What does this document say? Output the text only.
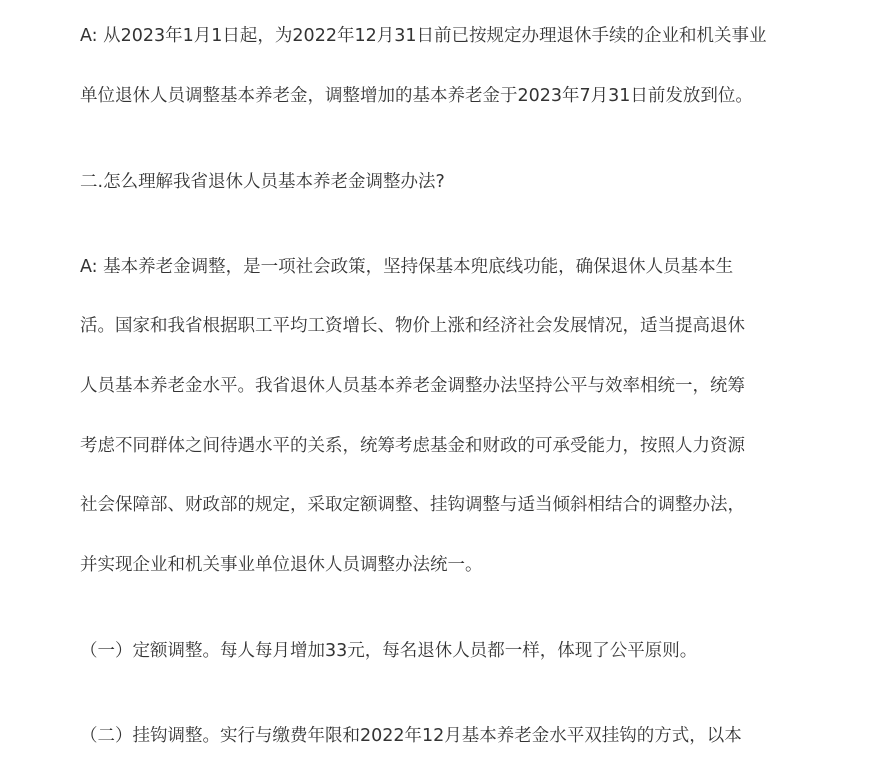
A: 从2023年1月1日起，为2022年12月31日前已按规定办理退休手续的企业和机关事业
单位退休人员调整基本养老金，调整增加的基本养老金于2023年7月31日前发放到位。
二.怎么理解我省退休人员基本养老金调整办法?
A: 基本养老金调整，是一项社会政策，坚持保基本兜底线功能，确保退休人员基本生
活。国家和我省根据职工平均工资增长、物价上涨和经济社会发展情况，适当提高退休
人员基本养老金水平。我省退休人员基本养老金调整办法坚持公平与效率相统一，统筹
考虑不同群体之间待遇水平的关系，统筹考虑基金和财政的可承受能力，按照人力资源
社会保障部、财政部的规定，采取定额调整、挂钩调整与适当倾斜相结合的调整办法，
并实现企业和机关事业单位退休人员调整办法统一。
（一）定额调整。每人每月增加33元，每名退休人员都一样，体现了公平原则。
（二）挂钩调整。实行与缴费年限和2022年12月基本养老金水平双挂钩的方式，以本
